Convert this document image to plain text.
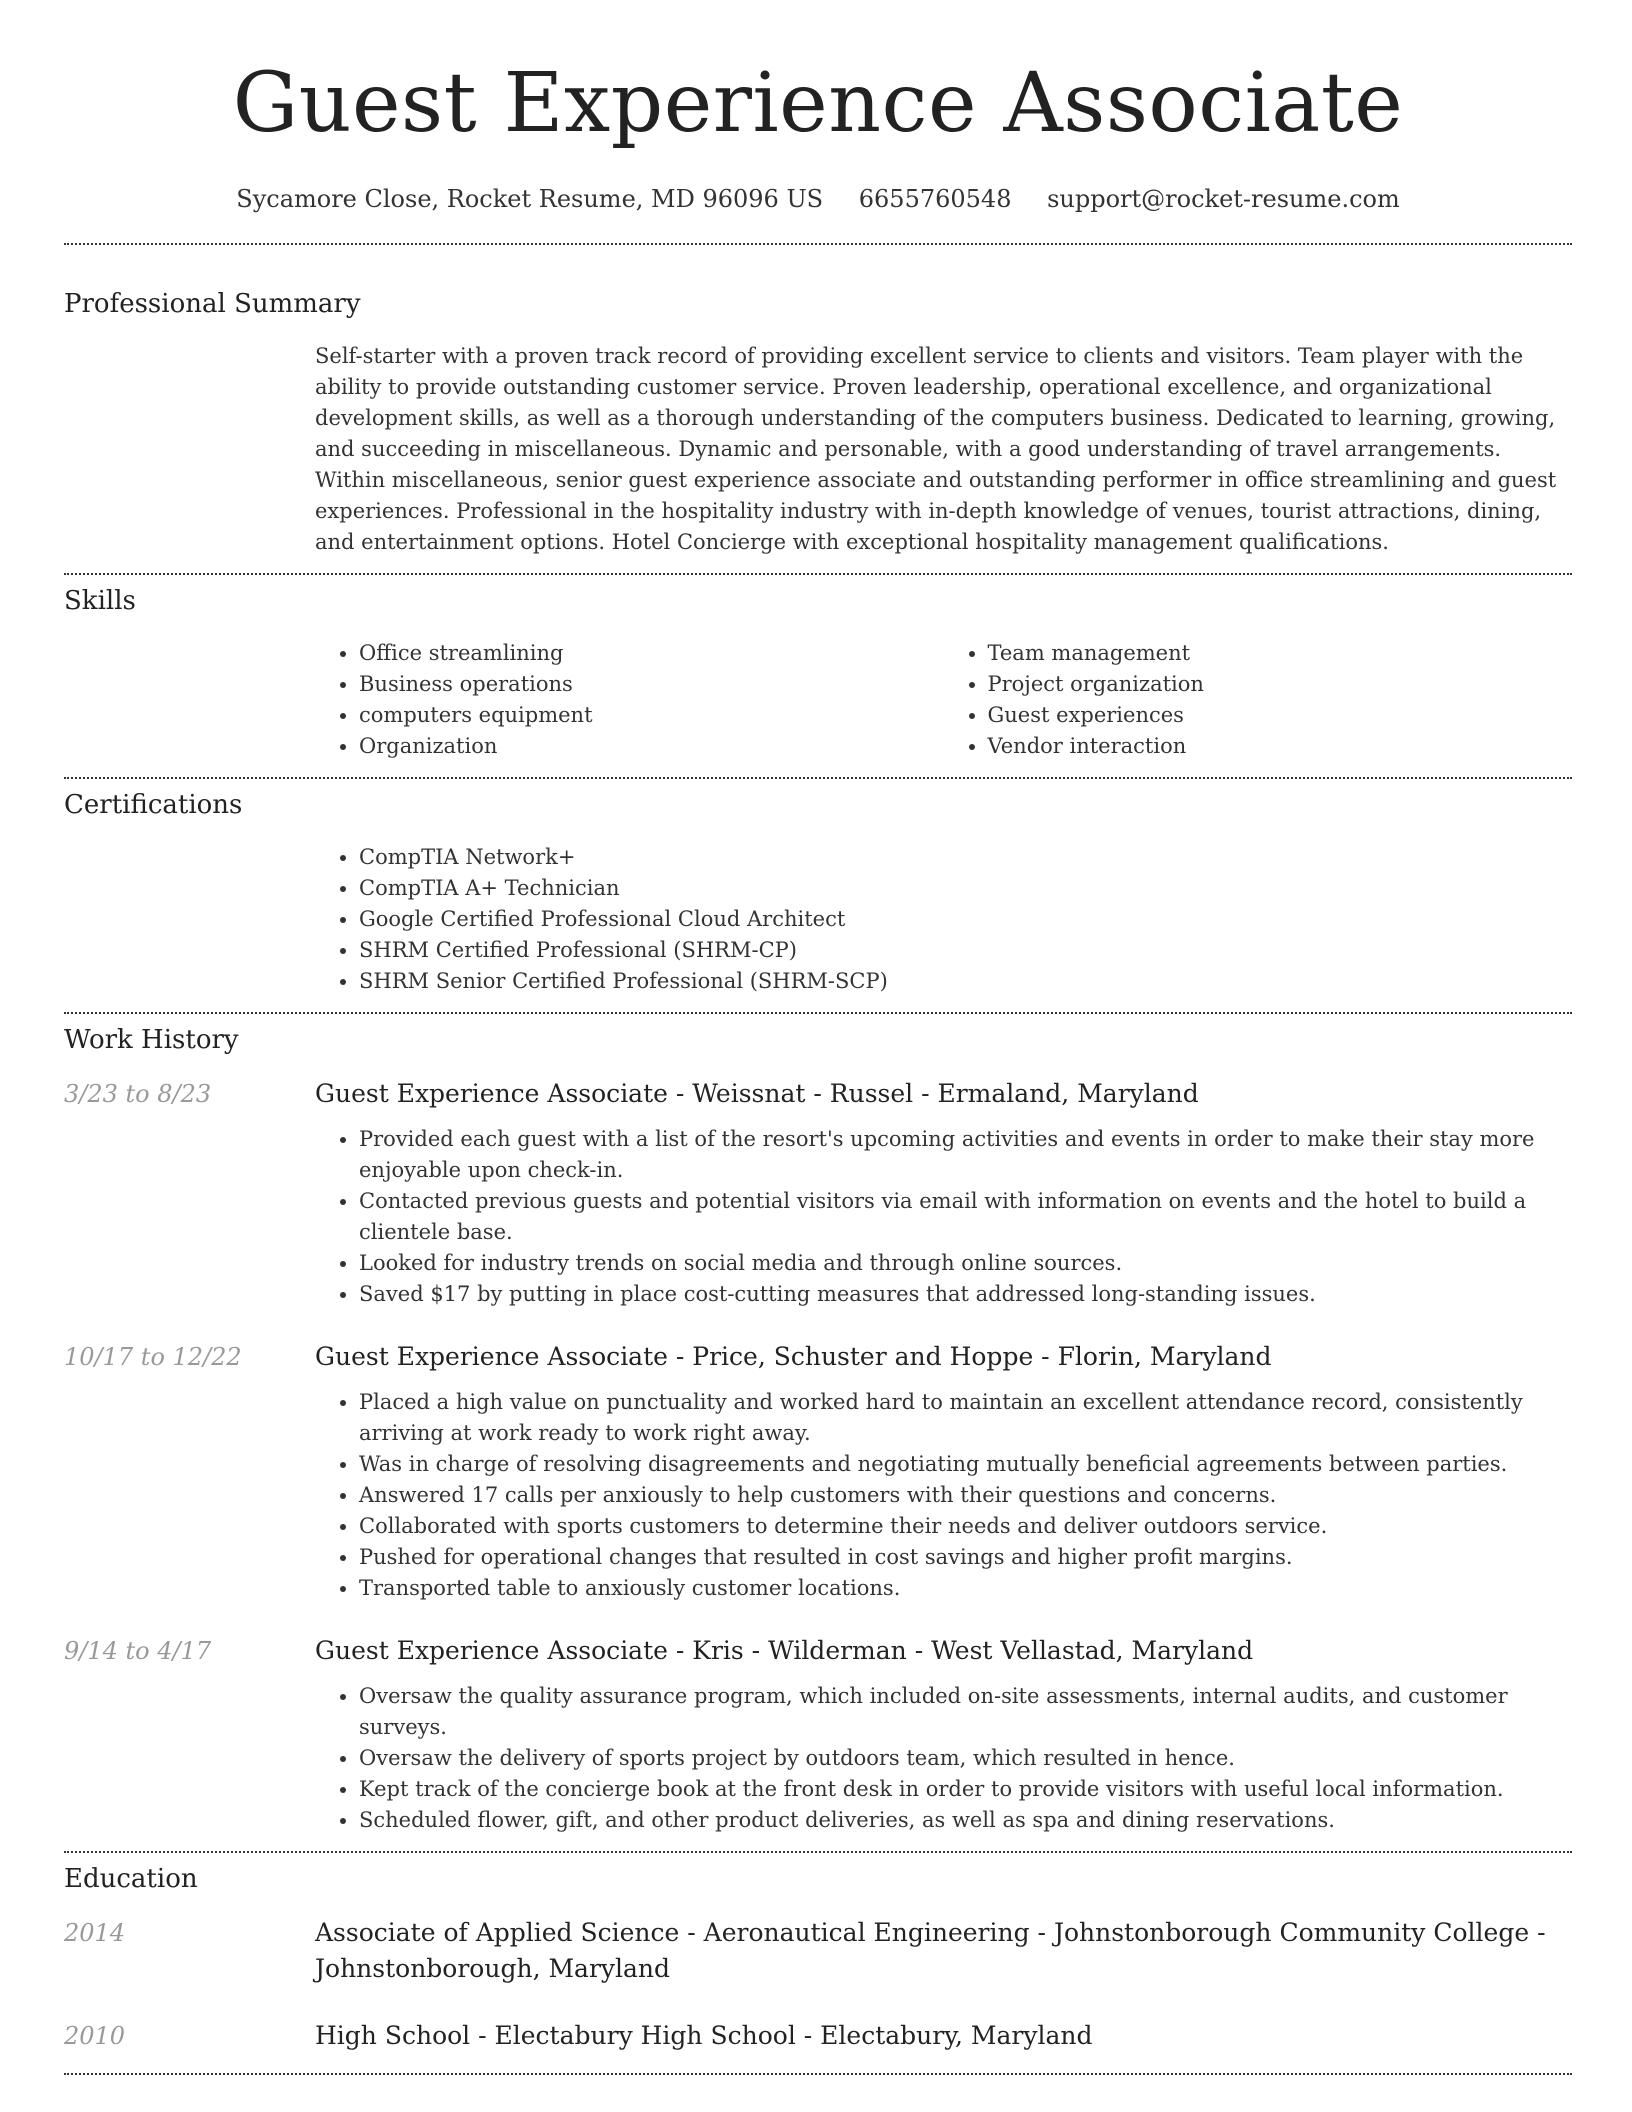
Guest Experience Associate
Sycamore Close, Rocket Resume, MD 96096 US 6655760548 support@rocket-resume.com
Professional Summary

Self-starter with a proven track record of providing excellent service to clients and visitors. Team player with the ability to provide outstanding customer service. Proven leadership, operational excellence, and organizational development skills, as well as a thorough understanding of the computers business. Dedicated to learning, growing, and succeeding in miscellaneous. Dynamic and personable, with a good understanding of travel arrangements. Within miscellaneous, senior guest experience associate and outstanding performer in office streamlining and guest experiences. Professional in the hospitality industry with in-depth knowledge of venues, tourist attractions, dining, and entertainment options. Hotel Concierge with exceptional hospitality management qualifications.

Skills
• Office streamlining
• Business operations
• computers equipment
• Organization
• Team management
• Project organization
• Guest experiences
• Vendor interaction
Certifications
• CompTIA Network+
• CompTIA A+ Technician
• Google Certified Professional Cloud Architect
• SHRM Certified Professional (SHRM-CP)
• SHRM Senior Certified Professional (SHRM-SCP)
Work History
3/23 to 8/23	Guest Experience Associate - Weissnat - Russel - Ermaland, Maryland
• Provided each guest with a list of the resort's upcoming activities and events in order to make their stay more enjoyable upon check-in.
• Contacted previous guests and potential visitors via email with information on events and the hotel to build a clientele base.
• Looked for industry trends on social media and through online sources.
• Saved $17 by putting in place cost-cutting measures that addressed long-standing issues.
10/17 to 12/22	Guest Experience Associate - Price, Schuster and Hoppe - Florin, Maryland
• Placed a high value on punctuality and worked hard to maintain an excellent attendance record, consistently arriving at work ready to work right away.
• Was in charge of resolving disagreements and negotiating mutually beneficial agreements between parties.
• Answered 17 calls per anxiously to help customers with their questions and concerns.
• Collaborated with sports customers to determine their needs and deliver outdoors service.
• Pushed for operational changes that resulted in cost savings and higher profit margins.
• Transported table to anxiously customer locations.
9/14 to 4/17	Guest Experience Associate - Kris - Wilderman - West Vellastad, Maryland
• Oversaw the quality assurance program, which included on-site assessments, internal audits, and customer surveys.
• Oversaw the delivery of sports project by outdoors team, which resulted in hence.
• Kept track of the concierge book at the front desk in order to provide visitors with useful local information.
• Scheduled flower, gift, and other product deliveries, as well as spa and dining reservations.
Education
2014	Associate of Applied Science - Aeronautical Engineering - Johnstonborough Community College - Johnstonborough, Maryland
2010	High School - Electabury High School - Electabury, Maryland
